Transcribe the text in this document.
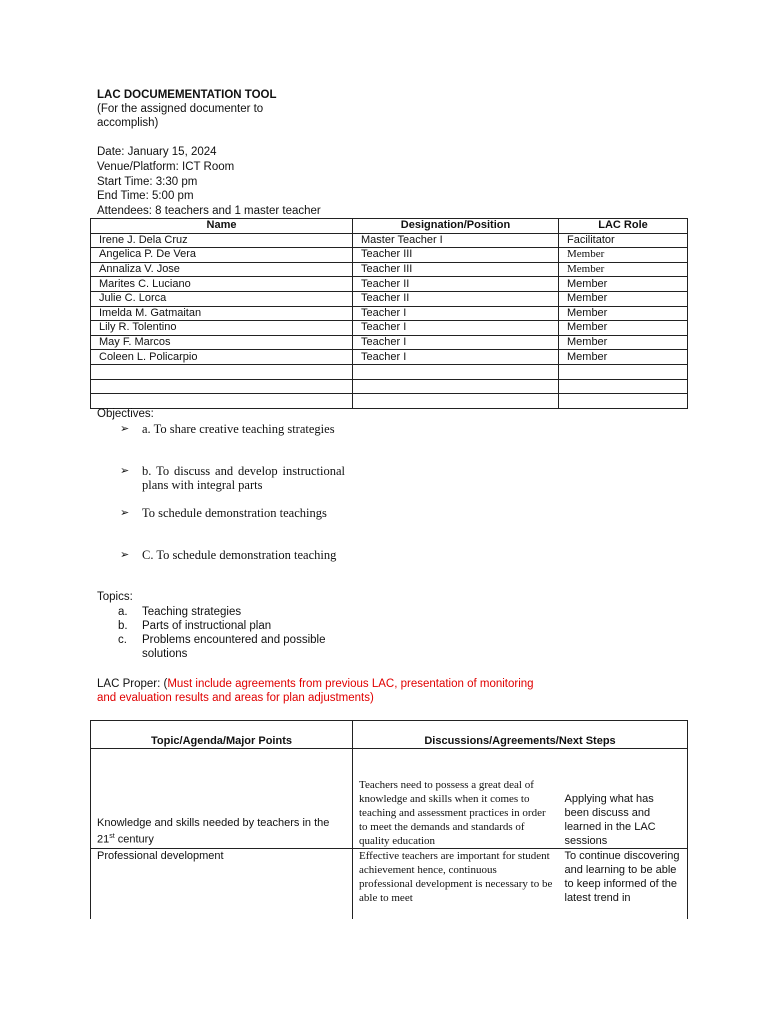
LAC DOCUMEMENTATION TOOL
(For the assigned documenter to
accomplish)
Date: January 15, 2024
Venue/Platform: ICT Room
Start Time: 3:30 pm
End Time: 5:00 pm
Attendees: 8 teachers and 1 master teacher
Name	Designation/Position	LAC Role
Irene J. Dela Cruz	Master Teacher I	Facilitator
Angelica P. De Vera	Teacher III	Member
Annaliza V. Jose	Teacher III	Member
Marites C. Luciano	Teacher II	Member
Julie C. Lorca	Teacher II	Member
Imelda M. Gatmaitan	Teacher I	Member
Lily R. Tolentino	Teacher I	Member
May F. Marcos	Teacher I	Member
Coleen L. Policarpio	Teacher I	Member

Objectives:
➢	a. To share creative teaching strategies
➢	b. To discuss and develop instructional plans with integral parts
➢	To schedule demonstration teachings
➢	C. To schedule demonstration teaching
Topics:
a. Teaching strategies
b. Parts of instructional plan
c. Problems encountered and possible solutions
LAC Proper: (Must include agreements from previous LAC, presentation of monitoring
and evaluation results and areas for plan adjustments)
Topic/Agenda/Major Points	Discussions/Agreements/Next Steps	
Knowledge and skills needed by teachers in the 21st century	Teachers need to possess a great deal of knowledge and skills when it comes to teaching and assessment practices in order to meet the demands and standards of quality education	Applying what has been discuss and learned in the LAC sessions
Professional development	Effective teachers are important for student achievement hence, continuous professional development is necessary to be able to meet	To continue discovering and learning to be able to keep informed of the latest trend in
